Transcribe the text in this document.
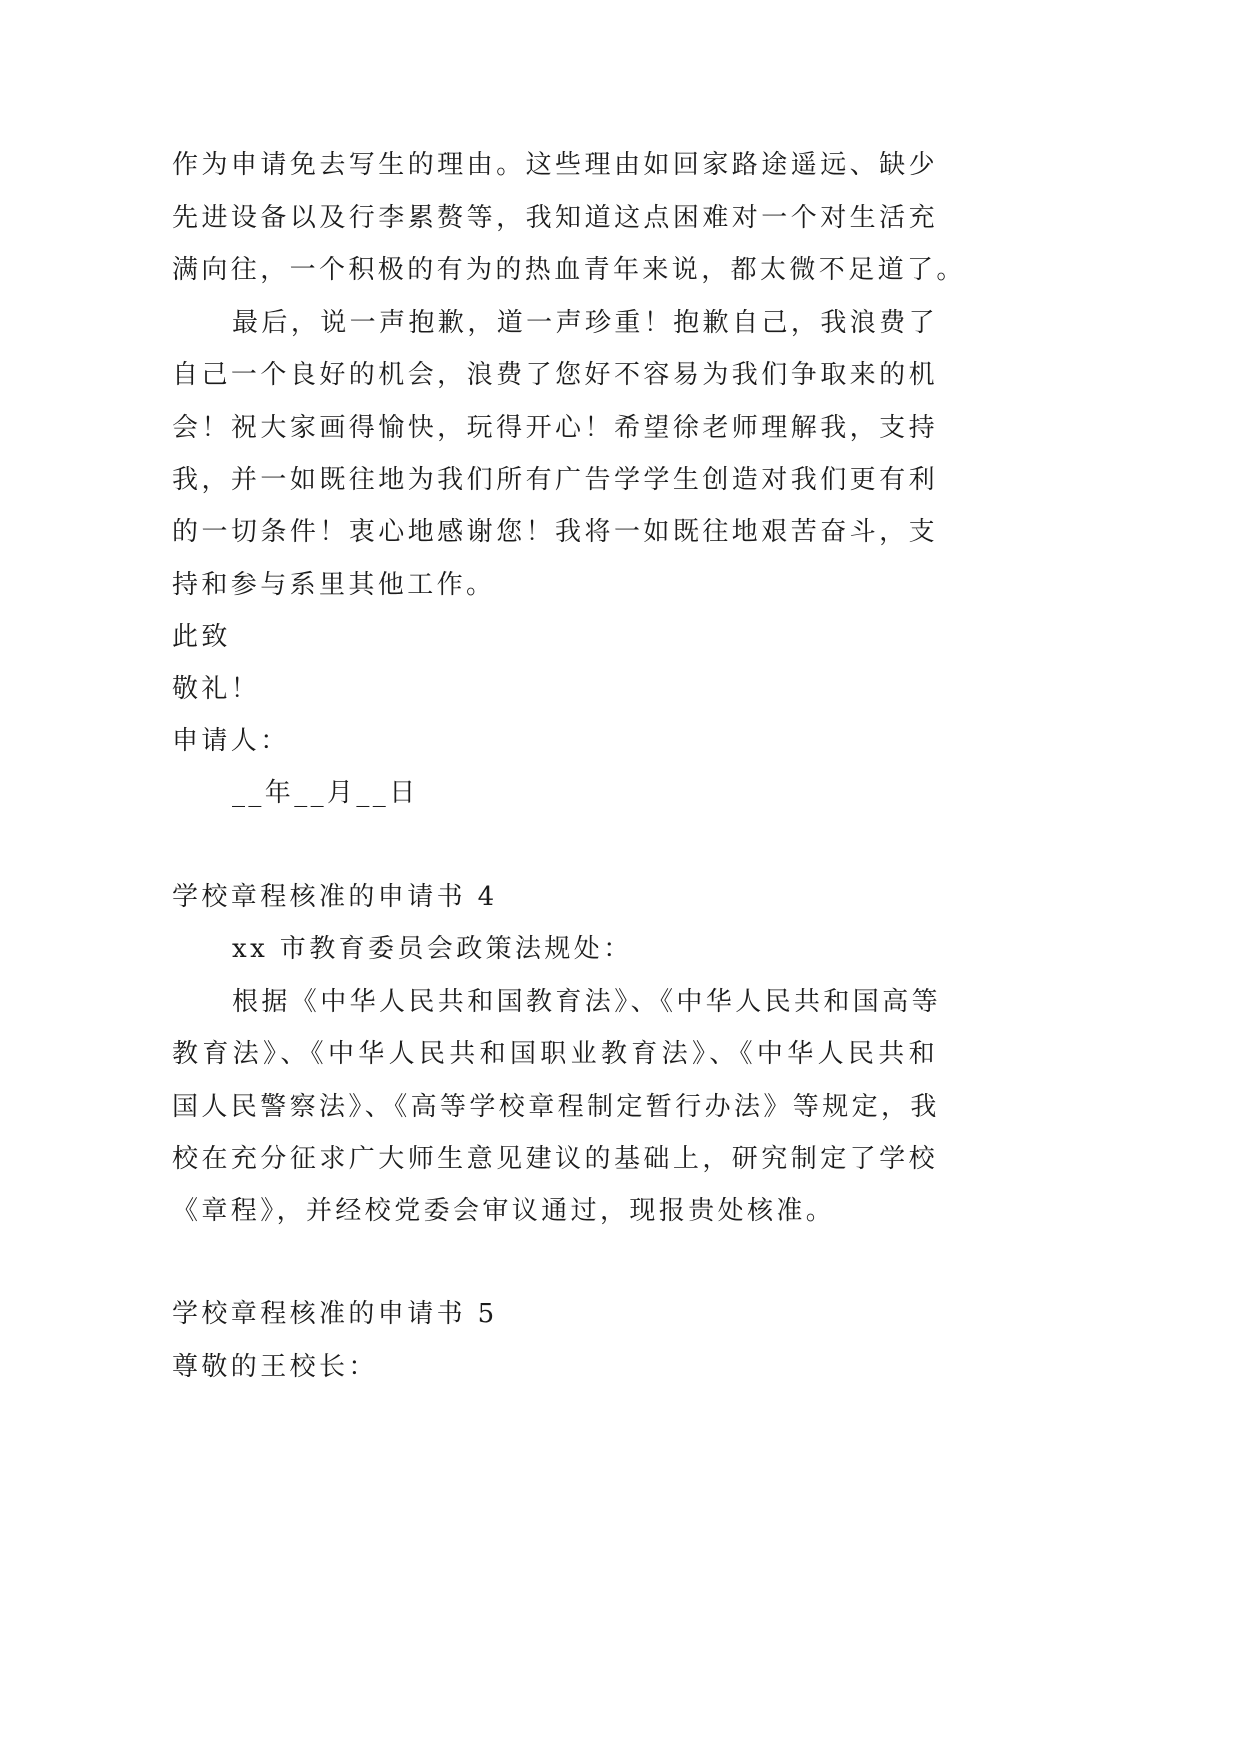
作为申请免去写生的理由。这些理由如回家路途遥远、缺少
先进设备以及行李累赘等，我知道这点困难对一个对生活充
满向往，一个积极的有为的热血青年来说，都太微不足道了。
最后，说一声抱歉，道一声珍重！抱歉自己，我浪费了
自己一个良好的机会，浪费了您好不容易为我们争取来的机
会！祝大家画得愉快，玩得开心！希望徐老师理解我，支持
我，并一如既往地为我们所有广告学学生创造对我们更有利
的一切条件！衷心地感谢您！我将一如既往地艰苦奋斗，支
持和参与系里其他工作。
此致
敬礼！
申请人：
__年__月__日
学校章程核准的申请书 4
xx 市教育委员会政策法规处：
根据《中华人民共和国教育法》、《中华人民共和国高等
教育法》、《中华人民共和国职业教育法》、《中华人民共和
国人民警察法》、《高等学校章程制定暂行办法》等规定，我
校在充分征求广大师生意见建议的基础上，研究制定了学校
《章程》，并经校党委会审议通过，现报贵处核准。
学校章程核准的申请书 5
尊敬的王校长：
